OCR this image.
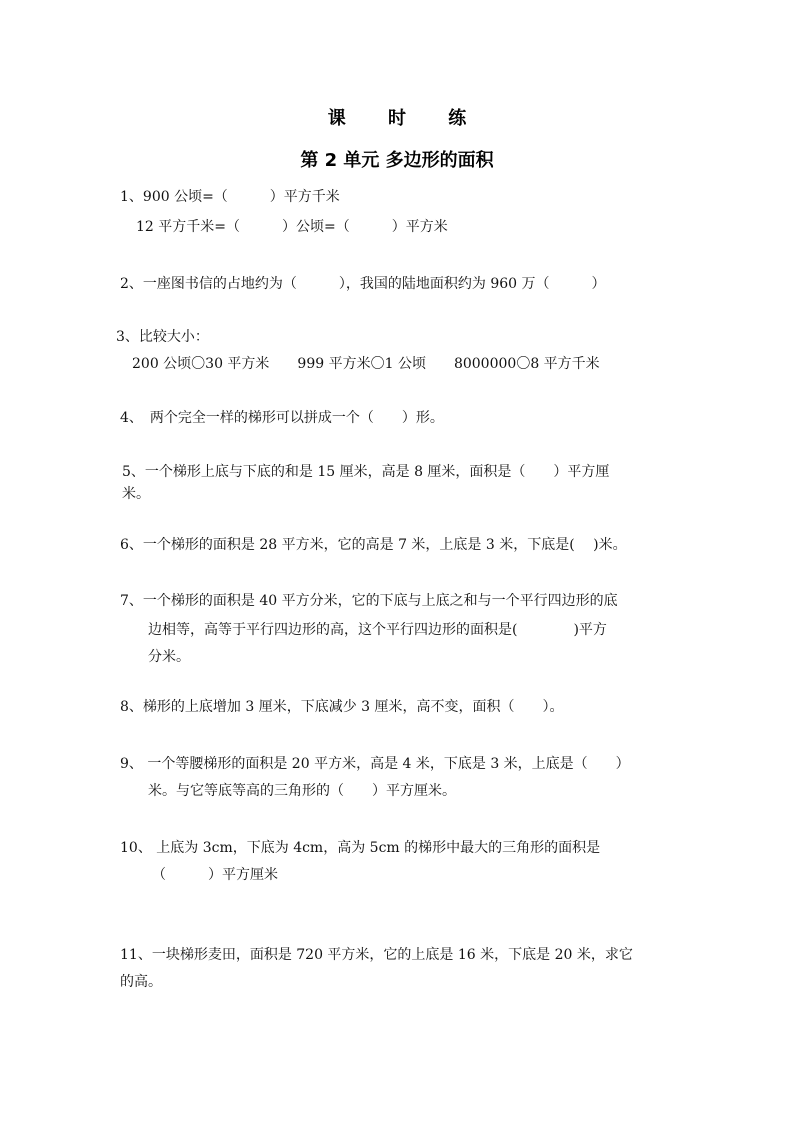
课 时 练
第 2 单元 多边形的面积
1、900 公顷=（　　　）平方千米
12 平方千米=（　　　）公顷=（　　　）平方米
2、一座图书信的占地约为（　　　），我国的陆地面积约为 960 万（　　　）
3、比较大小：
200 公顷〇30 平方米　　999 平方米〇1 公顷　　8000000〇8 平方千米
4、　两个完全一样的梯形可以拼成一个（　　）形。
5、一个梯形上底与下底的和是 15 厘米，高是 8 厘米，面积是（　　）平方厘
米。
6、一个梯形的面积是 28 平方米，它的高是 7 米，上底是 3 米，下底是(　 )米。
7、一个梯形的面积是 40 平方分米，它的下底与上底之和与一个平行四边形的底
边相等，高等于平行四边形的高，这个平行四边形的面积是(　　　　)平方
分米。
8、梯形的上底增加 3 厘米，下底减少 3 厘米，高不变，面积（　　）。
9、 一个等腰梯形的面积是 20 平方米，高是 4 米，下底是 3 米，上底是（　　）
米。与它等底等高的三角形的（　　）平方厘米。
10、 上底为 3cm，下底为 4cm，高为 5cm 的梯形中最大的三角形的面积是
（　　　）平方厘米
11、一块梯形麦田，面积是 720 平方米，它的上底是 16 米，下底是 20 米，求它
的高。
